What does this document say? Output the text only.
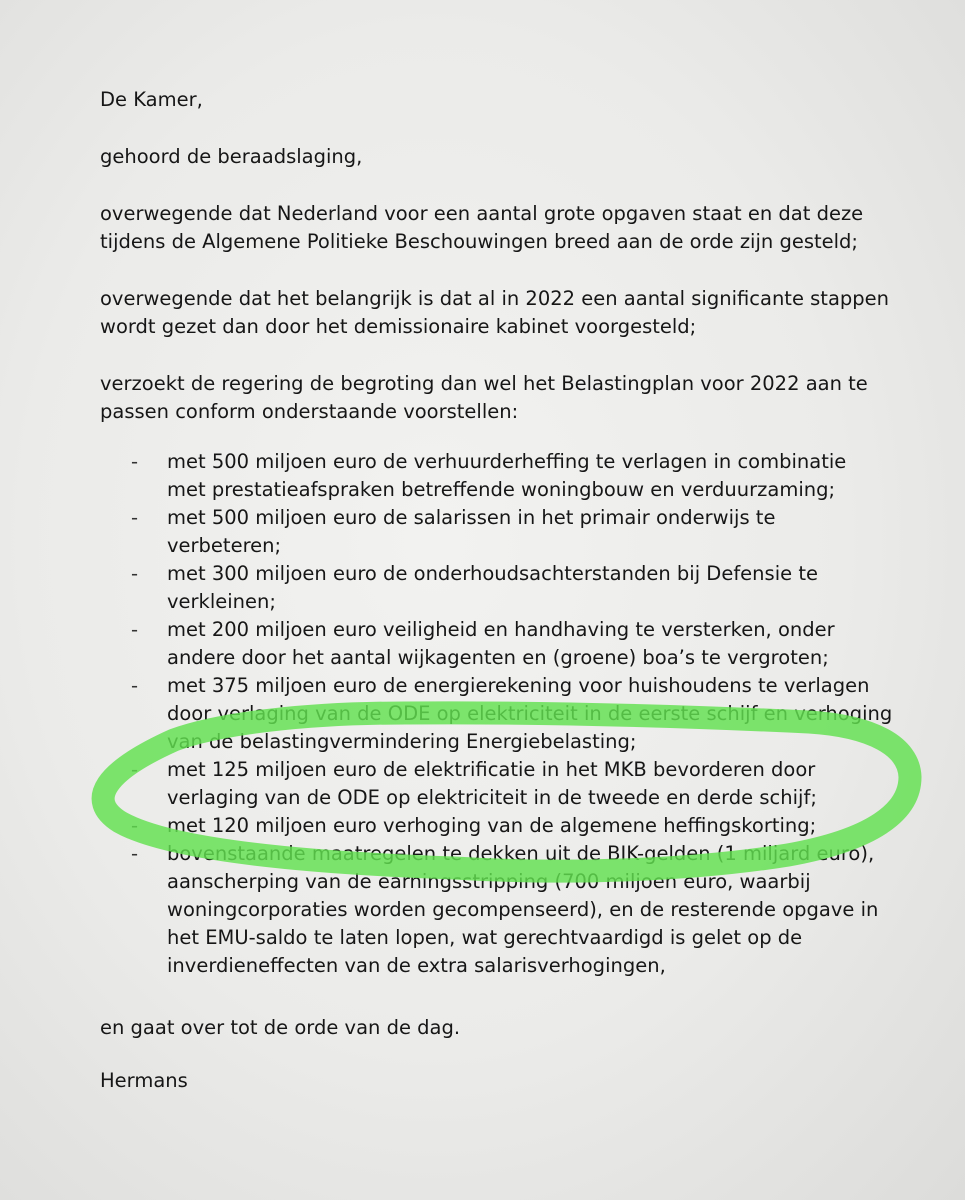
De Kamer,

gehoord de beraadslaging,

overwegende dat Nederland voor een aantal grote opgaven staat en dat deze

tijdens de Algemene Politieke Beschouwingen breed aan de orde zijn gesteld;

overwegende dat het belangrijk is dat al in 2022 een aantal significante stappen

wordt gezet dan door het demissionaire kabinet voorgesteld;

verzoekt de regering de begroting dan wel het Belastingplan voor 2022 aan te

passen conform onderstaande voorstellen:

- met 500 miljoen euro de verhuurderheffing te verlagen in combinatie
met prestatieafspraken betreffende woningbouw en verduurzaming;
- met 500 miljoen euro de salarissen in het primair onderwijs te
verbeteren;
- met 300 miljoen euro de onderhoudsachterstanden bij Defensie te
verkleinen;
- met 200 miljoen euro veiligheid en handhaving te versterken, onder
andere door het aantal wijkagenten en (groene) boa’s te vergroten;
- met 375 miljoen euro de energierekening voor huishoudens te verlagen
door verlaging van de ODE op elektriciteit in de eerste schijf en verhoging
van de belastingvermindering Energiebelasting;
- met 125 miljoen euro de elektrificatie in het MKB bevorderen door
verlaging van de ODE op elektriciteit in de tweede en derde schijf;
- met 120 miljoen euro verhoging van de algemene heffingskorting;
- bovenstaande maatregelen te dekken uit de BIK-gelden (1 miljard euro),
aanscherping van de earningsstripping (700 miljoen euro, waarbij
woningcorporaties worden gecompenseerd), en de resterende opgave in
het EMU-saldo te laten lopen, wat gerechtvaardigd is gelet op de
inverdieneffecten van de extra salarisverhogingen,

en gaat over tot de orde van de dag.

Hermans
